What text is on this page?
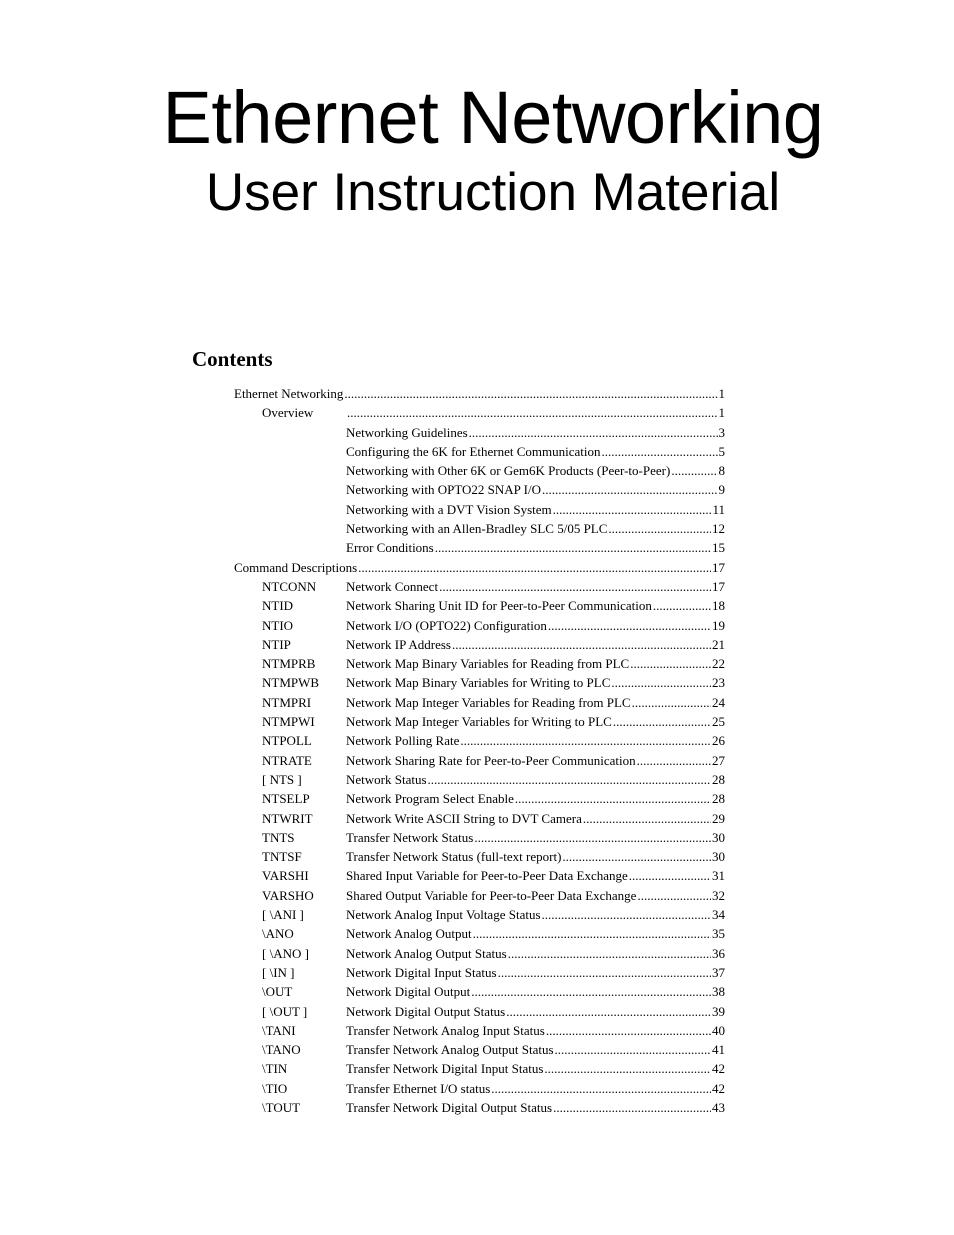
Ethernet Networking
User Instruction Material
Contents
Ethernet Networking .....	1
Overview .....	1
Networking Guidelines .....	3
Configuring the 6K for Ethernet Communication .....	5
Networking with Other 6K or Gem6K Products (Peer-to-Peer) .....	8
Networking with OPTO22 SNAP I/O .....	9
Networking with a DVT Vision System .....	11
Networking with an Allen-Bradley SLC 5/05 PLC .....	12
Error Conditions .....	15
Command Descriptions .....	17
NTCONN	Network Connect .....	17
NTID	Network Sharing Unit ID for Peer-to-Peer Communication .....	18
NTIO	Network I/O (OPTO22) Configuration .....	19
NTIP	Network IP Address .....	21
NTMPRB	Network Map Binary Variables for Reading from PLC .....	22
NTMPWB	Network Map Binary Variables for Writing to PLC .....	23
NTMPRI	Network Map Integer Variables for Reading from PLC .....	24
NTMPWI	Network Map Integer Variables for Writing to PLC .....	25
NTPOLL	Network Polling Rate .....	26
NTRATE	Network Sharing Rate for Peer-to-Peer Communication .....	27
[ NTS ]	Network Status .....	28
NTSELP	Network Program Select Enable .....	28
NTWRIT	Network Write ASCII String to DVT Camera .....	29
TNTS	Transfer Network Status .....	30
TNTSF	Transfer Network Status (full-text report) .....	30
VARSHI	Shared Input Variable for Peer-to-Peer Data Exchange .....	31
VARSHO	Shared Output Variable for Peer-to-Peer Data Exchange .....	32
[ \ANI ]	Network Analog Input Voltage Status .....	34
\ANO	Network Analog Output .....	35
[ \ANO ]	Network Analog Output Status .....	36
[ \IN ]	Network Digital Input Status .....	37
\OUT	Network Digital Output .....	38
[ \OUT ]	Network Digital Output Status .....	39
\TANI	Transfer Network Analog Input Status .....	40
\TANO	Transfer Network Analog Output Status .....	41
\TIN	Transfer Network Digital Input Status .....	42
\TIO	Transfer Ethernet I/O status .....	42
\TOUT	Transfer Network Digital Output Status .....	43
